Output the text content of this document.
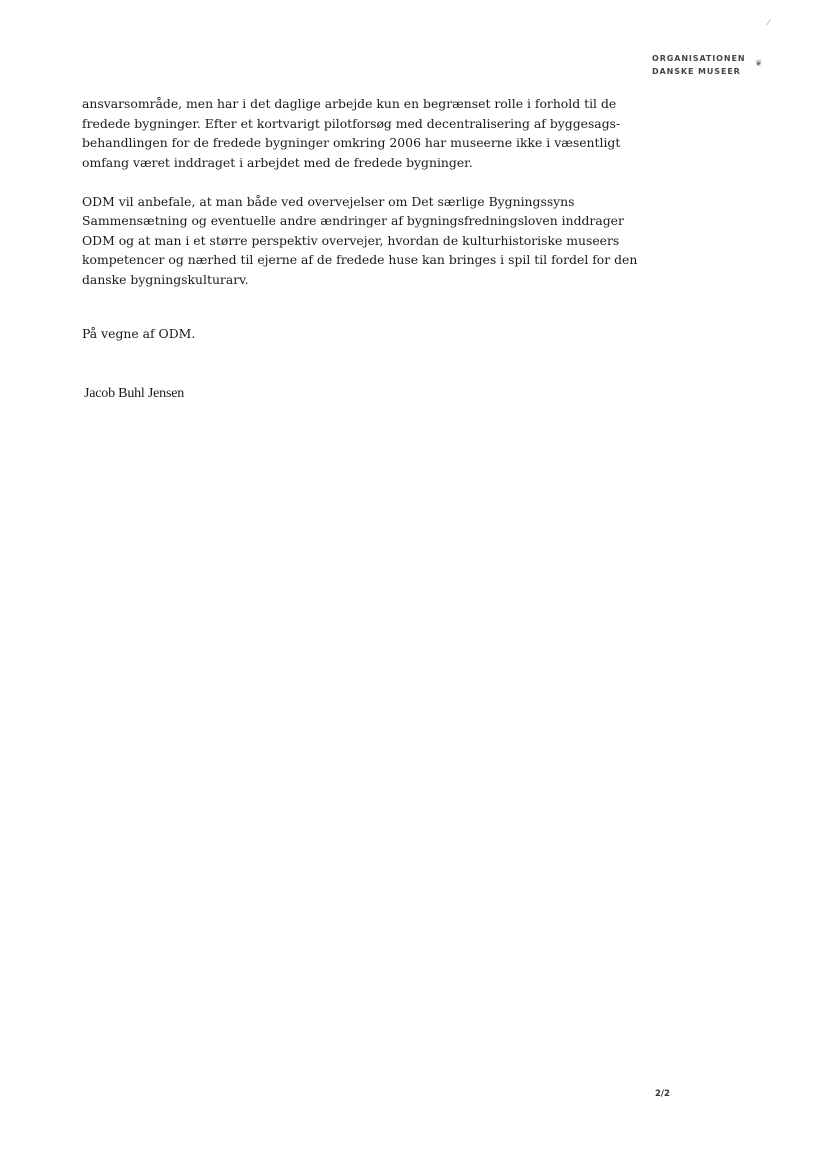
⁄
ORGANISATIONEN
DANSKE MUSEER
❦

ansvarsområde, men har i det daglige arbejde kun en begrænset rolle i forhold til de
fredede bygninger. Efter et kortvarigt pilotforsøg med decentralisering af byggesags-
behandlingen for de fredede bygninger omkring 2006 har museerne ikke i væsentligt
omfang været inddraget i arbejdet med de fredede bygninger.

ODM vil anbefale, at man både ved overvejelser om Det særlige Bygningssyns
Sammensætning og eventuelle andre ændringer af bygningsfredningsloven inddrager
ODM og at man i et større perspektiv overvejer, hvordan de kulturhistoriske museers
kompetencer og nærhed til ejerne af de fredede huse kan bringes i spil til fordel for den
danske bygningskulturarv.

På vegne af ODM.
Jacob Buhl Jensen
2/2
